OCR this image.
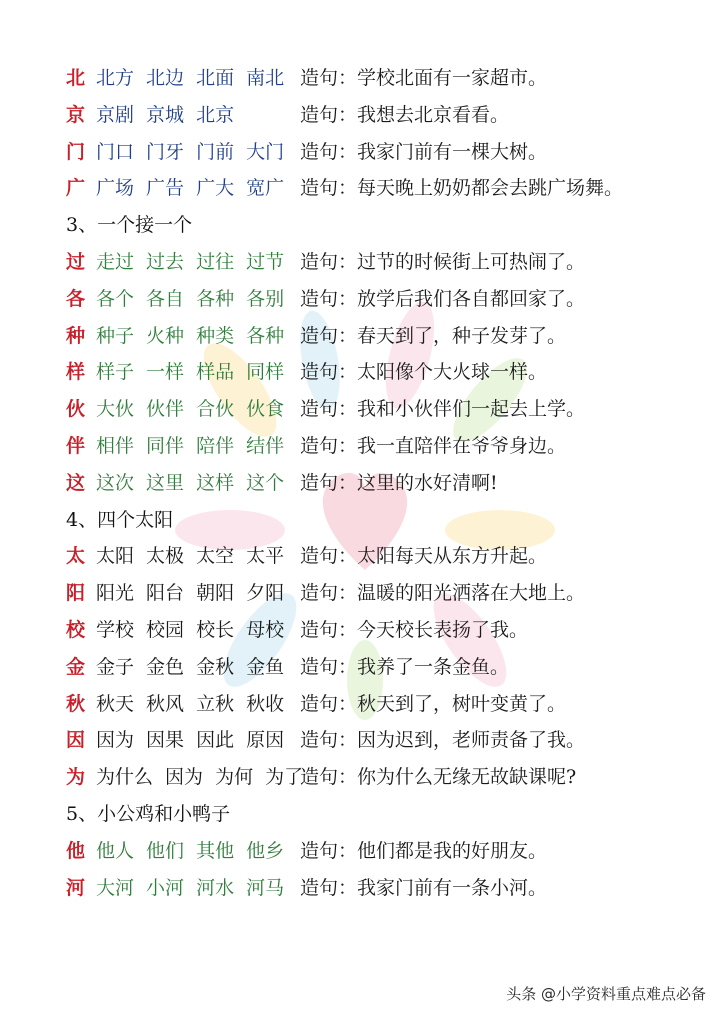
北 北方 北边 北面 南北 造句：学校北面有一家超市。
京 京剧 京城 北京	造句：我想去北京看看。
门 门口 门牙 门前 大门 造句：我家门前有一棵大树。
广 广场 广告 广大 宽广 造句：每天晚上奶奶都会去跳广场舞。
3、一个接一个
过 走过 过去 过往 过节 造句：过节的时候街上可热闹了。
各 各个 各自 各种 各别 造句：放学后我们各自都回家了。
种 种子 火种 种类 各种 造句：春天到了，种子发芽了。
样 样子 一样 样品 同样 造句：太阳像个大火球一样。
伙 大伙 伙伴 合伙 伙食 造句：我和小伙伴们一起去上学。
伴 相伴 同伴 陪伴 结伴 造句：我一直陪伴在爷爷身边。
这 这次 这里 这样 这个 造句：这里的水好清啊!
4、四个太阳
太 太阳 太极 太空 太平 造句：太阳每天从东方升起。
阳 阳光 阳台 朝阳 夕阳 造句：温暖的阳光洒落在大地上。
校 学校 校园 校长 母校 造句：今天校长表扬了我。
金 金子 金色 金秋 金鱼 造句：我养了一条金鱼。
秋 秋天 秋风 立秋 秋收 造句：秋天到了，树叶变黄了。
因 因为 因果 因此 原因 造句：因为迟到，老师责备了我。
为 为什么 因为 为何 为了
造句：你为什么无缘无故缺课呢?
5、小公鸡和小鸭子
他 他人 他们 其他 他乡 造句：他们都是我的好朋友。
河 大河 小河 河水 河马 造句：我家门前有一条小河。
头条 @小学资料重点难点必备
